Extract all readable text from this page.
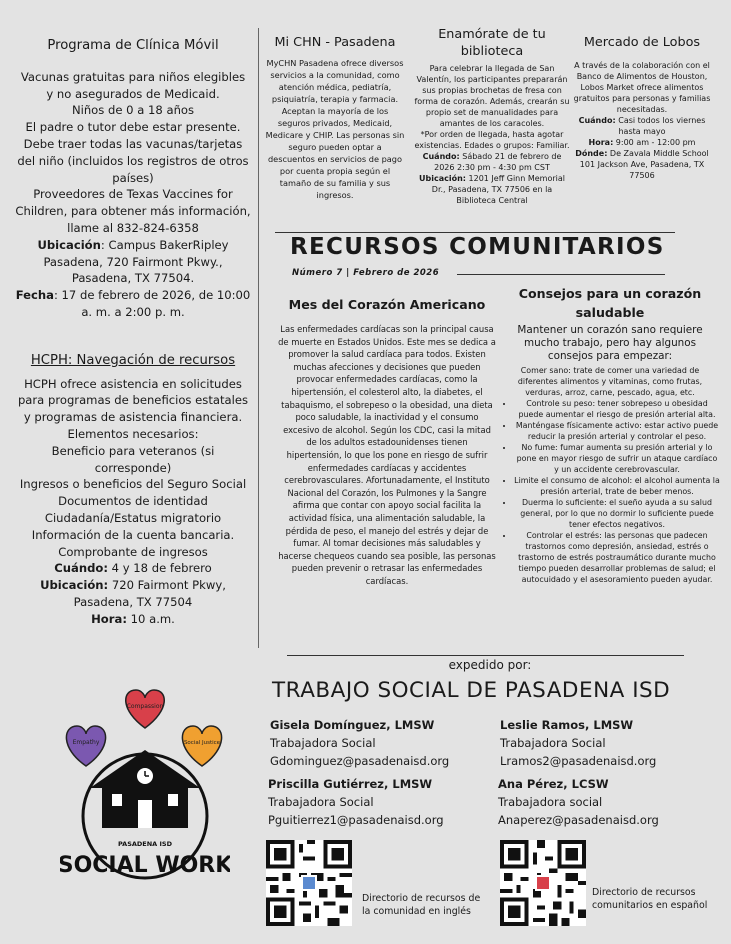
Programa de Clínica Móvil

Vacunas gratuitas para niños elegibles

y no asegurados de Medicaid.

Niños de 0 a 18 años

El padre o tutor debe estar presente.

Debe traer todas las vacunas/tarjetas

del niño (incluidos los registros de otros

países)

Proveedores de Texas Vaccines for

Children, para obtener más información,

llame al 832-824-6358

Ubicación: Campus BakerRipley

Pasadena, 720 Fairmont Pkwy.,

Pasadena, TX 77504.

Fecha: 17 de febrero de 2026, de 10:00

a. m. a 2:00 p. m.

HCPH: Navegación de recursos

HCPH ofrece asistencia en solicitudes

para programas de beneficios estatales

y programas de asistencia financiera.

Elementos necesarios:

Beneficio para veteranos (si

corresponde)

Ingresos o beneficios del Seguro Social

Documentos de identidad

Ciudadanía/Estatus migratorio

Información de la cuenta bancaria.

Comprobante de ingresos

Cuándo: 4 y 18 de febrero

Ubicación: 720 Fairmont Pkwy,

Pasadena, TX 77504

Hora: 10 a.m.

Compassion
Empathy	Social Justice
PASADENA ISD
SOCIAL WORK
Mi CHN - Pasadena
MyCHN Pasadena ofrece diversos servicios a la comunidad, como atención médica, pediatría, psiquiatría, terapia y farmacia. Aceptan la mayoría de los seguros privados, Medicaid, Medicare y CHIP. Las personas sin seguro pueden optar a descuentos en servicios de pago por cuenta propia según el tamaño de su familia y sus ingresos.
Enamórate de tu biblioteca
Para celebrar la llegada de San Valentín, los participantes prepararán sus propias brochetas de fresa con forma de corazón. Además, crearán su propio set de manualidades para amantes de los caracoles.
*Por orden de llegada, hasta agotar existencias. Edades o grupos: Familiar.
Cuándo: Sábado 21 de febrero de 2026 2:30 pm - 4:30 pm CST
Ubicación: 1201 Jeff Ginn Memorial Dr., Pasadena, TX 77506 en la Biblioteca Central
Mercado de Lobos
A través de la colaboración con el Banco de Alimentos de Houston, Lobos Market ofrece alimentos gratuitos para personas y familias necesitadas.
Cuándo: Casi todos los viernes hasta mayo
Hora: 9:00 am - 12:00 pm
Dónde: De Zavala Middle School 101 Jackson Ave, Pasadena, TX 77506
RECURSOS COMUNITARIOS
Número 7 | Febrero de 2026
Mes del Corazón Americano
Las enfermedades cardíacas son la principal causa de muerte en Estados Unidos. Este mes se dedica a promover la salud cardíaca para todos. Existen muchas afecciones y decisiones que pueden provocar enfermedades cardíacas, como la hipertensión, el colesterol alto, la diabetes, el tabaquismo, el sobrepeso o la obesidad, una dieta poco saludable, la inactividad y el consumo excesivo de alcohol. Según los CDC, casi la mitad de los adultos estadounidenses tienen hipertensión, lo que los pone en riesgo de sufrir enfermedades cardíacas y accidentes cerebrovasculares. Afortunadamente, el Instituto Nacional del Corazón, los Pulmones y la Sangre afirma que contar con apoyo social facilita la actividad física, una alimentación saludable, la pérdida de peso, el manejo del estrés y dejar de fumar. Al tomar decisiones más saludables y hacerse chequeos cuando sea posible, las personas pueden prevenir o retrasar las enfermedades cardíacas.
Consejos para un corazón saludable
Mantener un corazón sano requiere mucho trabajo, pero hay algunos consejos para empezar:
Comer sano: trate de comer una variedad de diferentes alimentos y vitaminas, como frutas, verduras, arroz, carne, pescado, agua, etc.
• Controle su peso: tener sobrepeso u obesidad puede aumentar el riesgo de presión arterial alta.
• Manténgase físicamente activo: estar activo puede reducir la presión arterial y controlar el peso.
• No fume: fumar aumenta su presión arterial y lo pone en mayor riesgo de sufrir un ataque cardíaco y un accidente cerebrovascular.
• Limite el consumo de alcohol: el alcohol aumenta la presión arterial, trate de beber menos.
• Duerma lo suficiente: el sueño ayuda a su salud general, por lo que no dormir lo suficiente puede tener efectos negativos.
• Controlar el estrés: las personas que padecen trastornos como depresión, ansiedad, estrés o trastorno de estrés postraumático durante mucho tiempo pueden desarrollar problemas de salud; el autocuidado y el asesoramiento pueden ayudar.
expedido por:
TRABAJO SOCIAL DE PASADENA ISD
Gisela Domínguez, LMSW
Trabajadora Social
Gdominguez@pasadenaisd.org
Leslie Ramos, LMSW
Trabajadora Social
Lramos2@pasadenaisd.org
Priscilla Gutiérrez, LMSW
Trabajadora Social
Pguitierrez1@pasadenaisd.org
Ana Pérez, LCSW
Trabajadora social
Anaperez@pasadenaisd.org
Directorio de recursos de la comunidad en inglés
Directorio de recursos comunitarios en español
